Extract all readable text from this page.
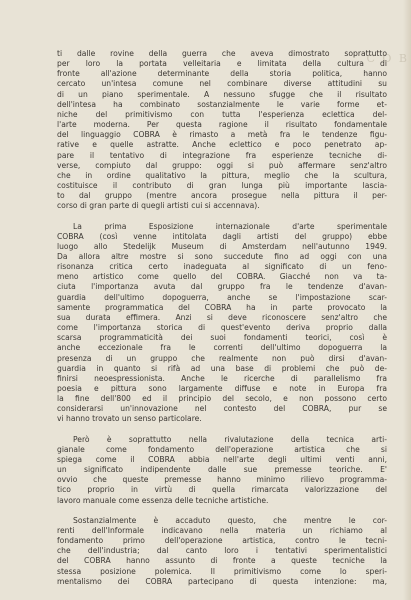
C O B

ti dalle rovine della guerra che aveva dimostrato soprattutto
per loro la portata velleitaria e limitata della cultura di
fronte all'azione determinante della storia politica, hanno
cercato un'intesa comune nel combinare diverse attitudini su
di un piano sperimentale. A nessuno sfugge che il risultato
dell'intesa ha combinato sostanzialmente le varie forme et-
niche del primitivismo con tutta l'esperienza eclettica del-
l'arte moderna. Per questa ragione il risultato fondamentale
del linguaggio COBRA è rimasto a metà fra le tendenze figu-
rative e quelle astratte. Anche eclettico e poco penetrato ap-
pare il tentativo di integrazione fra esperienze tecniche di-
verse, compiuto dal gruppo: oggi si può affermare senz'altro
che in ordine qualitativo la pittura, meglio che la scultura,
costituisce il contributo di gran lunga più importante lascia-
to dal gruppo (mentre ancora prosegue nella pittura il per-
corso di gran parte di quegli artisti cui si accennava).

La prima Esposizione internazionale d'arte sperimentale
COBRA (così venne intitolata dagli artisti del gruppo) ebbe
luogo allo Stedelijk Museum di Amsterdam nell'autunno 1949.
Da allora altre mostre si sono succedute fino ad oggi con una
risonanza critica certo inadeguata al significato di un feno-
meno artistico come quello del COBRA. Giacché non va ta-
ciuta l'importanza avuta dal gruppo fra le tendenze d'avan-
guardia dell'ultimo dopoguerra, anche se l'impostazione scar-
samente programmatica del COBRA ha in parte provocato la
sua durata effimera. Anzi si deve riconoscere senz'altro che
come l'importanza storica di quest'evento deriva proprio dalla
scarsa programmaticità dei suoi fondamenti teorici, così è
anche eccezionale fra le correnti dell'ultimo dopoguerra la
presenza di un gruppo che realmente non può dirsi d'avan-
guardia in quanto si rifà ad una base di problemi che può de-
finirsi neoespressionista. Anche le ricerche di parallelismo fra
poesia e pittura sono largamente diffuse e note in Europa fra
la fine dell'800 ed il principio del secolo, e non possono certo
considerarsi un'innovazione nel contesto del COBRA, pur se
vi hanno trovato un senso particolare.

Però è soprattutto nella rivalutazione della tecnica arti-
gianale come fondamento dell'operazione artistica che si
spiega come il COBRA abbia nell'arte degli ultimi venti anni,
un significato indipendente dalle sue premesse teoriche. E'
ovvio che queste premesse hanno minimo rilievo programma-
tico proprio in virtù di quella rimarcata valorizzazione del
lavoro manuale come essenza delle tecniche artistiche.

Sostanzialmente è accaduto questo, che mentre le cor-
renti dell'Informale indicavano nella materia un richiamo al
fondamento primo dell'operazione artistica, contro le tecni-
che dell'industria; dal canto loro i tentativi sperimentalistici
del COBRA hanno assunto di fronte a queste tecniche la
stessa posizione polemica. Il primitivismo come lo speri-
mentalismo dei COBRA partecipano di questa intenzione: ma,
